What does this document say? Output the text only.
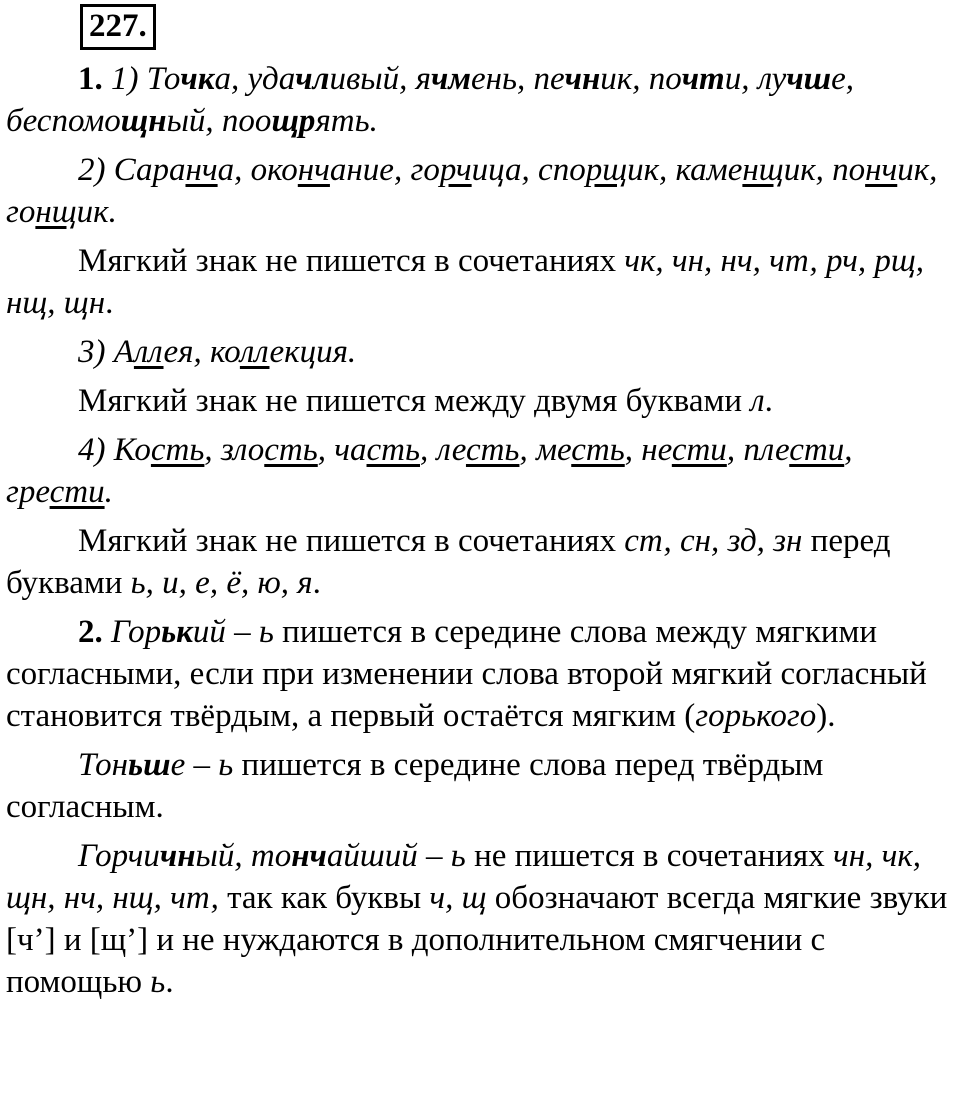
227.

1. 1) Точка, удачливый, ячмень, печник, почти, лучше, беспомощный, поощрять.

2) Саранча, окончание, горчица, спорщик, каменщик, пончик, гонщик.

Мягкий знак не пишется в сочетаниях чк, чн, нч, чт, рч, рщ, нщ, щн.

3) Аллея, коллекция.

Мягкий знак не пишется между двумя буквами л.

4) Кость, злость, часть, лесть, месть, нести, плести, грести.

Мягкий знак не пишется в сочетаниях ст, сн, зд, зн перед буквами ь, и, е, ё, ю, я.

2. Горький – ь пишется в середине слова между мягкими согласными, если при изменении слова второй мягкий согласный становится твёрдым, а первый остаётся мягким (горького).

Тоньше – ь пишется в середине слова перед твёрдым согласным.

Горчичный, тончайший – ь не пишется в сочетаниях чн, чк, щн, нч, нщ, чт, так как буквы ч, щ обозначают всегда мягкие звуки [ч’] и [щ’] и не нуждаются в дополнительном смягчении с помощью ь.
